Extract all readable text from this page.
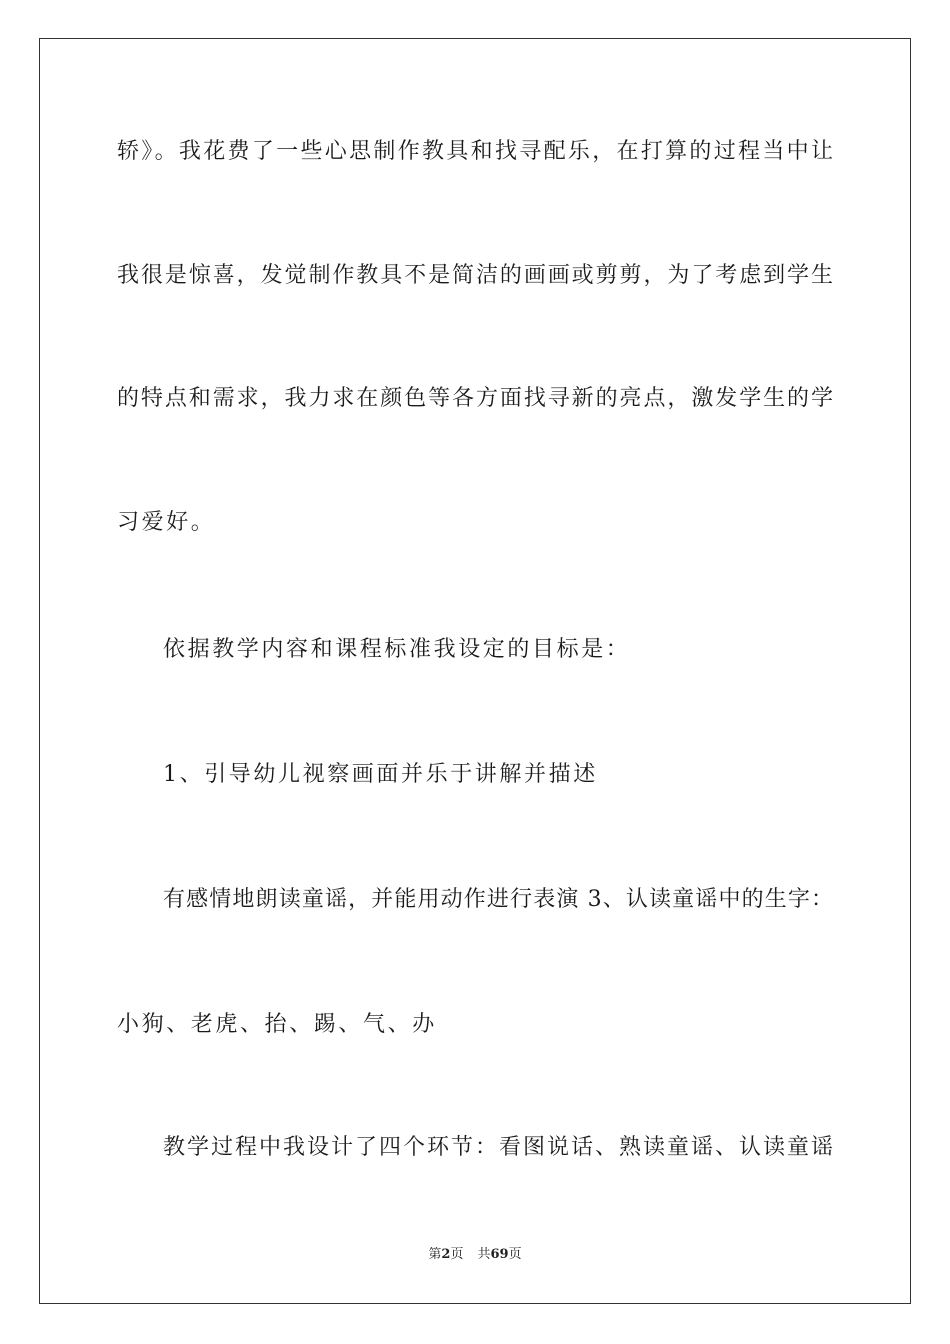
轿》。我花费了一些心思制作教具和找寻配乐，在打算的过程当中让
我很是惊喜，发觉制作教具不是简洁的画画或剪剪，为了考虑到学生
的特点和需求，我力求在颜色等各方面找寻新的亮点，激发学生的学
习爱好。
依据教学内容和课程标准我设定的目标是：
1、引导幼儿视察画面并乐于讲解并描述
有感情地朗读童谣，并能用动作进行表演 3、认读童谣中的生字：
小狗、老虎、抬、踢、气、办
教学过程中我设计了四个环节：看图说话、熟读童谣、认读童谣
第2页 共69页
